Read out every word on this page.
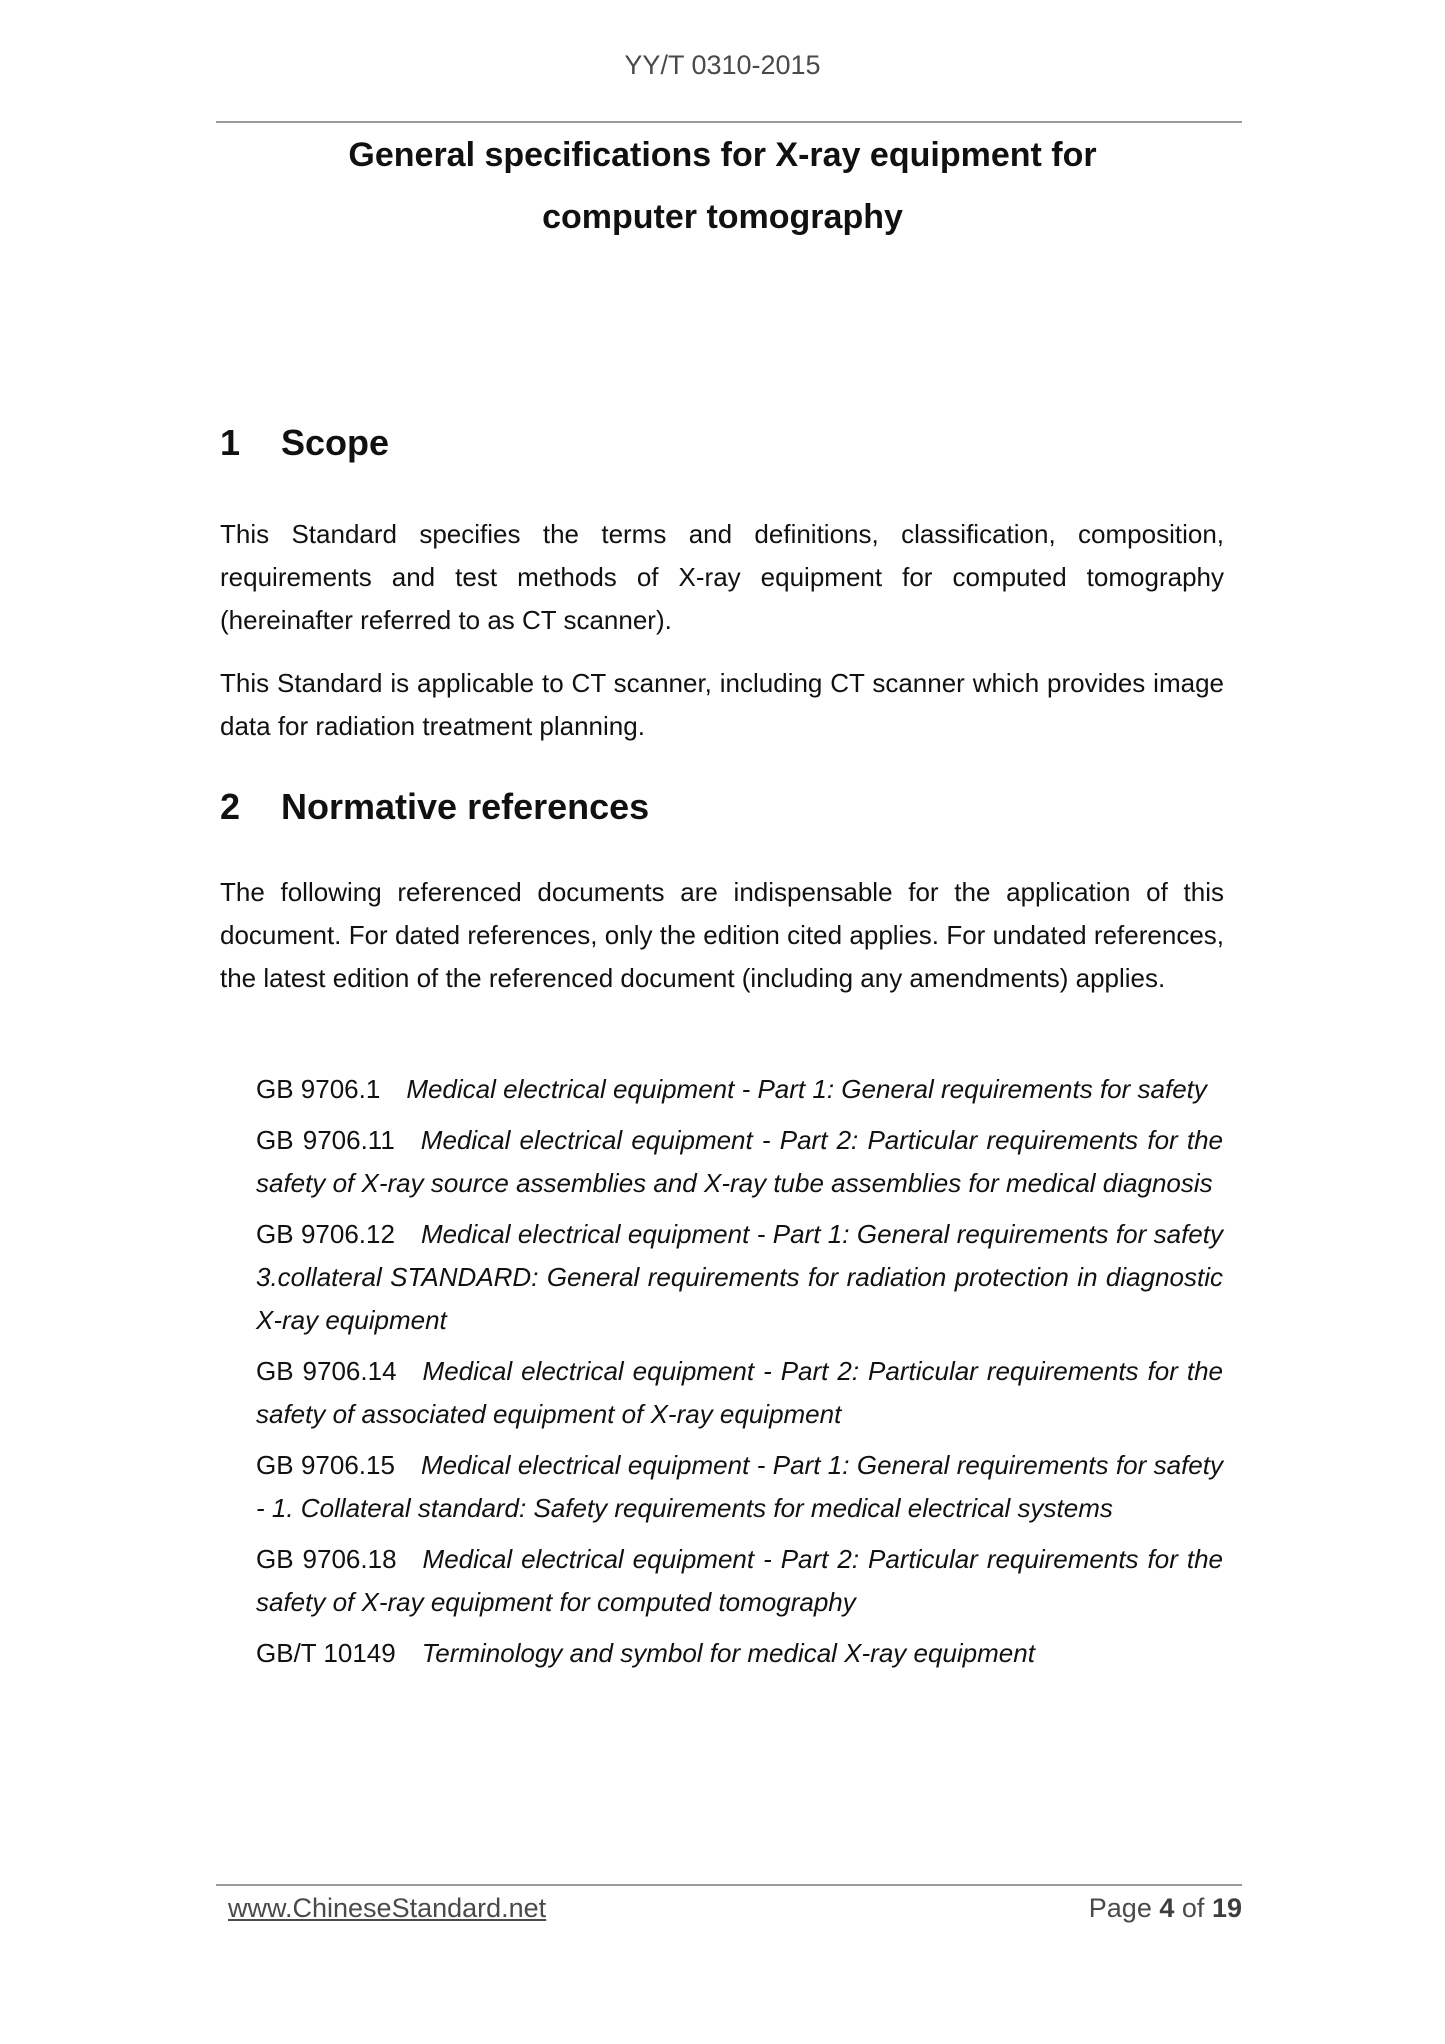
YY/T 0310-2015
General specifications for X-ray equipment for
computer tomography
1 Scope

This Standard specifies the terms and definitions, classification, composition, requirements and test methods of X-ray equipment for computed tomography (hereinafter referred to as CT scanner).

This Standard is applicable to CT scanner, including CT scanner which provides image data for radiation treatment planning.

2 Normative references

The following referenced documents are indispensable for the application of this document. For dated references, only the edition cited applies. For undated references, the latest edition of the referenced document (including any amendments) applies.

GB 9706.1 Medical electrical equipment - Part 1: General requirements for safety

GB 9706.11 Medical electrical equipment - Part 2: Particular requirements for the safety of X-ray source assemblies and X-ray tube assemblies for medical diagnosis

GB 9706.12 Medical electrical equipment - Part 1: General requirements for safety 3.collateral STANDARD: General requirements for radiation protection in diagnostic X-ray equipment

GB 9706.14 Medical electrical equipment - Part 2: Particular requirements for the safety of associated equipment of X-ray equipment

GB 9706.15 Medical electrical equipment - Part 1: General requirements for safety - 1. Collateral standard: Safety requirements for medical electrical systems

GB 9706.18 Medical electrical equipment - Part 2: Particular requirements for the safety of X-ray equipment for computed tomography

GB/T 10149 Terminology and symbol for medical X-ray equipment

www.ChineseStandard.net	Page 4 of 19
